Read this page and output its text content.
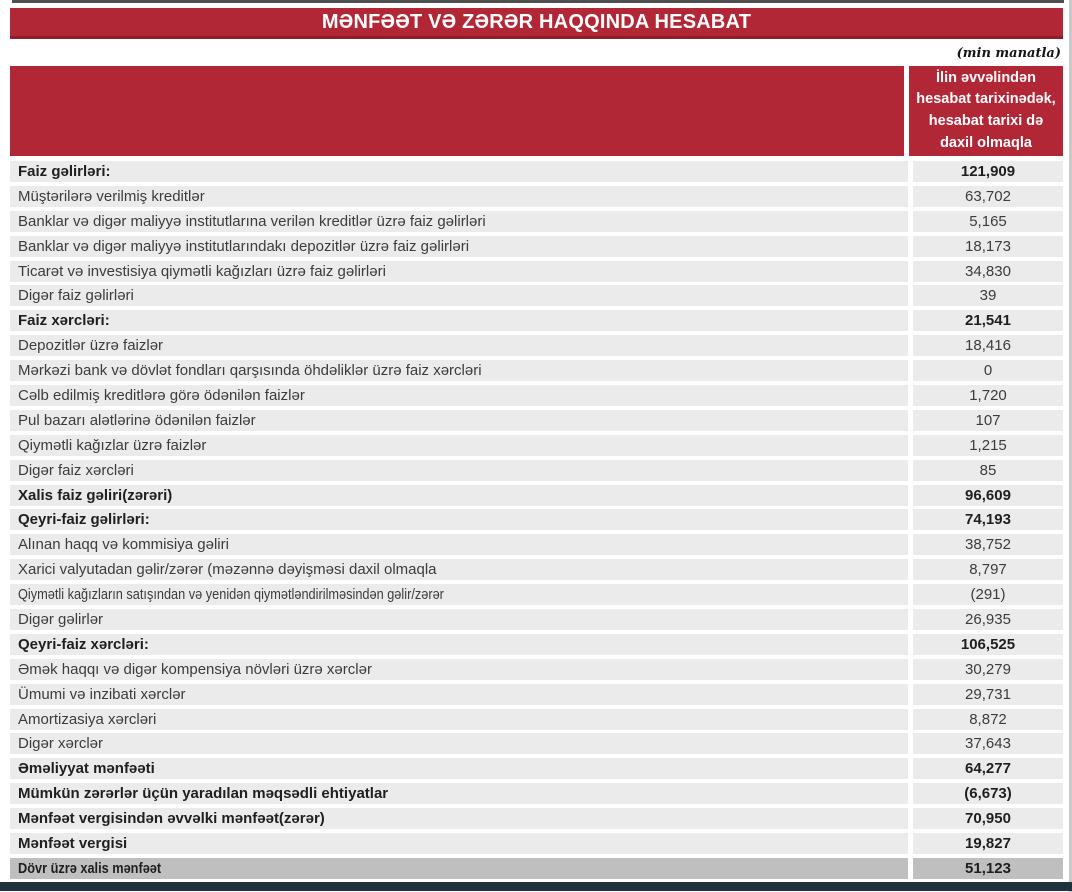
MƏNFƏƏT VƏ ZƏRƏR HAQQINDA HESABAT
(min manatla)
İlin əvvəlindən hesabat tarixinədək, hesabat tarixi də daxil olmaqla
Faiz gəlirləri:	121,909
Müştərilərə verilmiş kreditlər	63,702
Banklar və digər maliyyə institutlarına verilən kreditlər üzrə faiz gəlirləri	5,165
Banklar və digər maliyyə institutlarındakı depozitlər üzrə faiz gəlirləri	18,173
Ticarət və investisiya qiymətli kağızları üzrə faiz gəlirləri	34,830
Digər faiz gəlirləri	39
Faiz xərcləri:	21,541
Depozitlər üzrə faizlər	18,416
Mərkəzi bank və dövlət fondları qarşısında öhdəliklər üzrə faiz xərcləri	0
Cəlb edilmiş kreditlərə görə ödənilən faizlər	1,720
Pul bazarı alətlərinə ödənilən faizlər	107
Qiymətli kağızlar üzrə faizlər	1,215
Digər faiz xərcləri	85
Xalis faiz gəliri(zərəri)	96,609
Qeyri-faiz gəlirləri:	74,193
Alınan haqq və kommisiya gəliri	38,752
Xarici valyutadan gəlir/zərər (məzənnə dəyişməsi daxil olmaqla	8,797
Qiymətli kağızların satışından və yenidən qiymətləndirilməsindən gəlir/zərər	(291)
Digər gəlirlər	26,935
Qeyri-faiz xərcləri:	106,525
Əmək haqqı və digər kompensiya növləri üzrə xərclər	30,279
Ümumi və inzibati xərclər	29,731
Amortizasiya xərcləri	8,872
Digər xərclər	37,643
Əməliyyat mənfəəti	64,277
Mümkün zərərlər üçün yaradılan məqsədli ehtiyatlar	(6,673)
Mənfəət vergisindən əvvəlki mənfəət(zərər)	70,950
Mənfəət vergisi	19,827
Dövr üzrə xalis mənfəət	51,123
